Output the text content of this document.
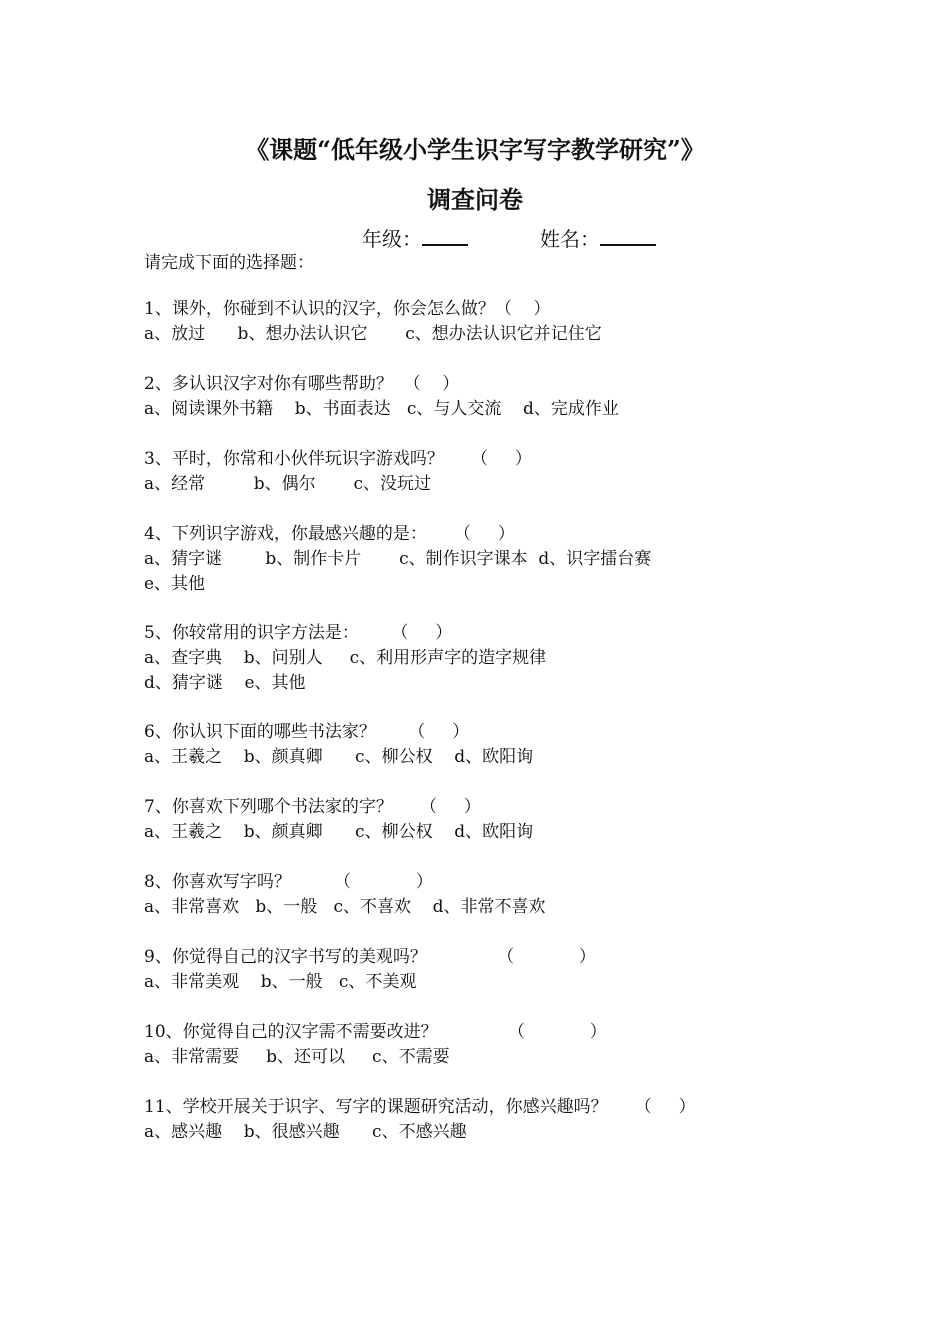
《课题“低年级小学生识字写字教学研究”》
调查问卷
年级：	姓名：
请完成下面的选择题：
1、课外，你碰到不认识的汉字，你会怎么做？（    ）
a、放过      b、想办法认识它       c、想办法认识它并记住它
2、多认识汉字对你有哪些帮助？  （    ）
a、阅读课外书籍    b、书面表达   c、与人交流    d、完成作业
3、平时，你常和小伙伴玩识字游戏吗？     （     ）
a、经常         b、偶尔       c、没玩过
4、下列识字游戏，你最感兴趣的是：     （     ）
a、猜字谜        b、制作卡片       c、制作识字课本  d、识字擂台赛
e、其他
5、你较常用的识字方法是：      （     ）
a、查字典    b、问别人     c、利用形声字的造字规律
d、猜字谜    e、其他
6、你认识下面的哪些书法家？      （     ）
a、王羲之    b、颜真卿      c、柳公权    d、欧阳询
7、你喜欢下列哪个书法家的字？     （     ）
a、王羲之    b、颜真卿      c、柳公权    d、欧阳询
8、你喜欢写字吗？        （            ）
a、非常喜欢   b、一般   c、不喜欢    d、非常不喜欢
9、你觉得自己的汉字书写的美观吗？             （            ）
a、非常美观    b、一般   c、不美观
10、你觉得自己的汉字需不需要改进？             （            ）
a、非常需要     b、还可以     c、不需要
11、学校开展关于识字、写字的课题研究活动，你感兴趣吗？     （     ）
a、感兴趣    b、很感兴趣      c、不感兴趣
